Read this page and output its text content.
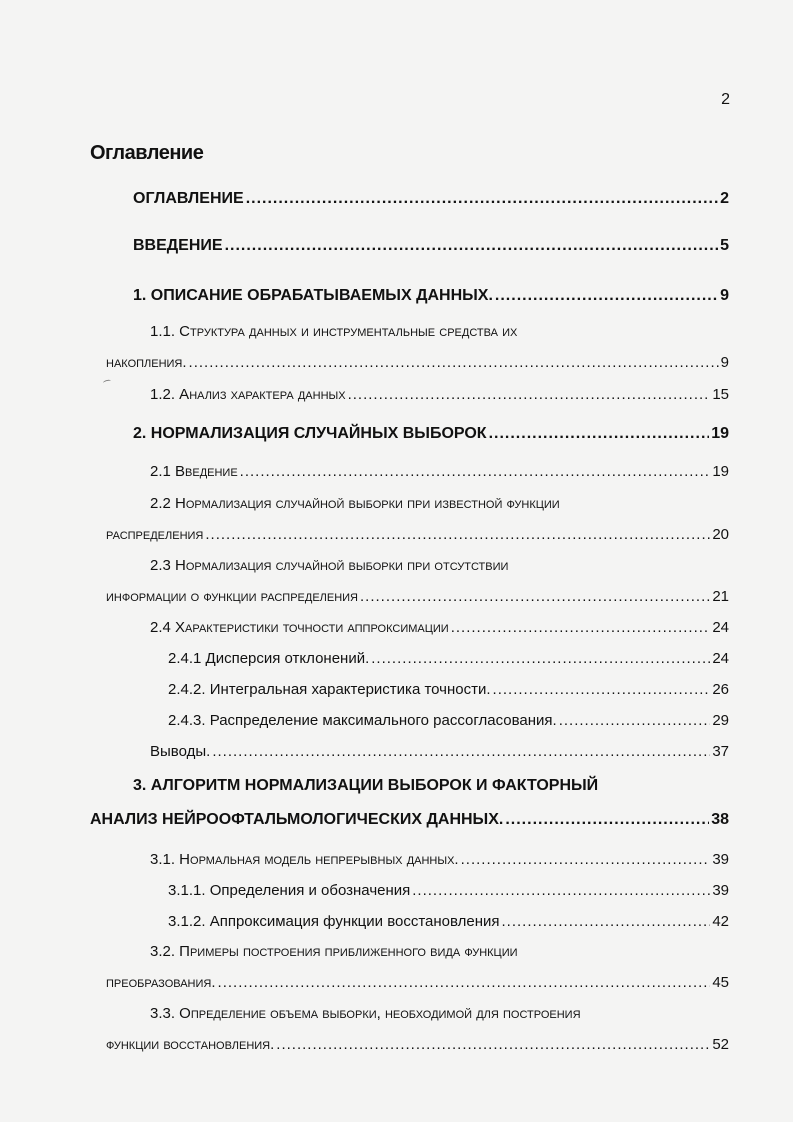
2
Оглавление
ОГЛАВЛЕНИЕ .....	2
ВВЕДЕНИЕ .....	5
1. ОПИСАНИЕ ОБРАБАТЫВАЕМЫХ ДАННЫХ. .....	9
1.1. Структура данных и инструментальные средства их
накопления. .....	9
1.2. Анализ характера данных .....	15
2. НОРМАЛИЗАЦИЯ СЛУЧАЙНЫХ ВЫБОРОК .....	19
2.1 Введение .....	19
2.2 Нормализация случайной выборки при известной функции
распределения .....	20
2.3 Нормализация случайной выборки при отсутствии
информации о функции распределения .....	21
2.4 Характеристики точности аппроксимации .....	24
2.4.1 Дисперсия отклонений. .....	24
2.4.2. Интегральная характеристика точности. .....	26
2.4.3. Распределение максимального рассогласования. .....	29
Выводы. .....	37
3. АЛГОРИТМ НОРМАЛИЗАЦИИ ВЫБОРОК И ФАКТОРНЫЙ
АНАЛИЗ НЕЙРООФТАЛЬМОЛОГИЧЕСКИХ ДАННЫХ. .....	38
3.1. Нормальная модель непрерывных данных. .....	39
3.1.1. Определения и обозначения .....	39
3.1.2. Аппроксимация функции восстановления .....	42
3.2. Примеры построения приближенного вида функции
преобразования. .....	45
3.3. Определение объема выборки, необходимой для построения
функции восстановления. .....	52
